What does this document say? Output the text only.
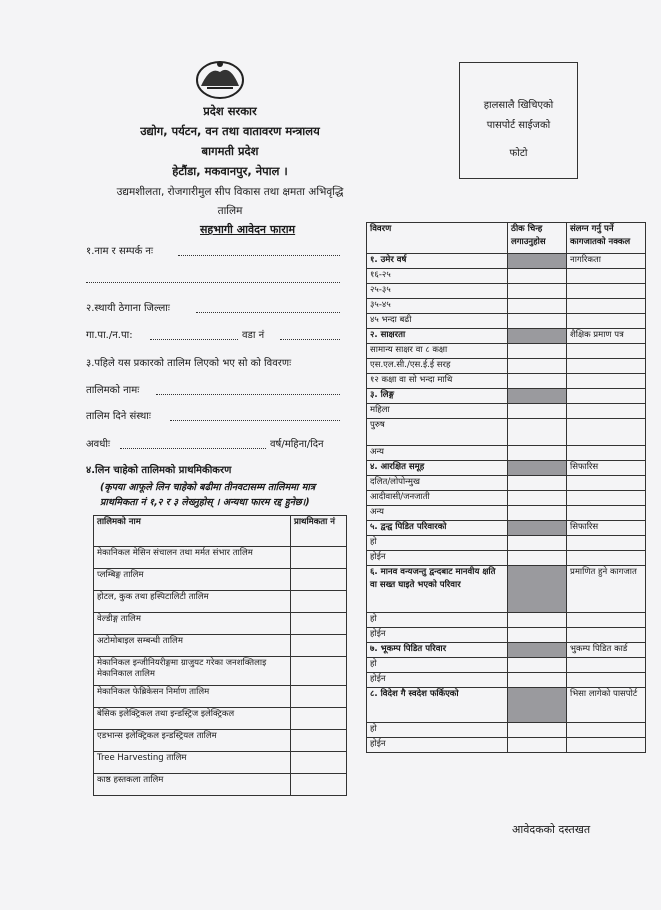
प्रदेश सरकार
उद्योग, पर्यटन, वन तथा वातावरण मन्त्रालय
बागमती प्रदेश
हेटौंडा, मकवानपुर, नेपाल ।
उद्यमशीलता, रोजगारीमुल सीप विकास तथा क्षमता अभिवृद्धि
तालिम
हालसालै खिचिएको
पासपोर्ट साईजको
फोटो
सहभागी आवेदन फाराम
१.नाम र सम्पर्क नः
२.स्थायी ठेगाना जिल्लाः
गा.पा./न.पा:	वडा नं
३.पहिले यस प्रकारको तालिम लिएको भए सो को विवरणः
तालिमको नामः
तालिम दिने संस्थाः
अवधीः	वर्ष/महिना/दिन
४.लिन चाहेको तालिमको प्राथमिकीकरण
(कृपया आफूले लिन चाहेको बढीमा तीनवटासम्म तालिममा मात्र
प्राथमिकता नं १,२ र ३ लेख्नुहोस् । अन्यथा फारम रद्द हुनेछ।)
तालिमको नाम	प्राथमिकता नं
मेकानिकल मेसिन संचालन तथा मर्मत संभार तालिम	
प्लम्बिङ्ग तालिम	
होटल, कुक तथा हस्पिटालिटी तालिम	
वेल्डीङ्ग तालिम	
अटोमोबाइल सम्बन्धी तालिम	
मेकानिकल इन्जीनियरीङ्गमा ग्राजुयट गरेका जनशक्तिलाइ मेकानिकाल तालिम	
मेकानिकल फेब्रिकेसन निर्माण तालिम	
बेसिक इलेक्ट्रिकल तथा इन्डस्ट्रिज इलेक्ट्रिकल	
एडभान्स इलेक्ट्रिकल इन्डस्ट्रियल तालिम	
Tree Harvesting तालिम	
काष्ठ हस्तकला तालिम	
विवरण	ठीक चिन्ह लगाउनुहोस	संलग्न गर्नु पर्ने कागजातको नक्कल
१. उमेर वर्ष		नागरिकता
१६-२५		
२५-३५		
३५-४५		
४५ भन्दा बढी		
२. साक्षरता		शैक्षिक प्रमाण पत्र
सामान्य साक्षर वा ८ कक्षा		
एस.एल.सी./एस.ई.ई सरह		
१२ कक्षा वा सो भन्दा माथि		
३. लिङ्ग		
महिला		
पुरुष		
अन्य		
४. आरक्षित समूह		सिफारिस
दलित/लोपोन्मुख		
आदीवासी/जनजाती		
अन्य		
५. द्वन्द्व पिडित परिवारको		सिफारिस
हो		
होईन		
६. मानव वन्यजन्तु द्वन्दबाट मानवीय क्षति वा सख्त घाइते भएको परिवार		प्रमाणित हुने कागजात
हो		
होईन		
७. भूकम्प पिडित परिवार		भुकम्प पिडित कार्ड
हो		
होईन		
८. विदेश गै स्वदेश फर्किएको		भिसा लागेको पासपोर्ट
हो		
होईन		
आवेदकको दस्तखत
